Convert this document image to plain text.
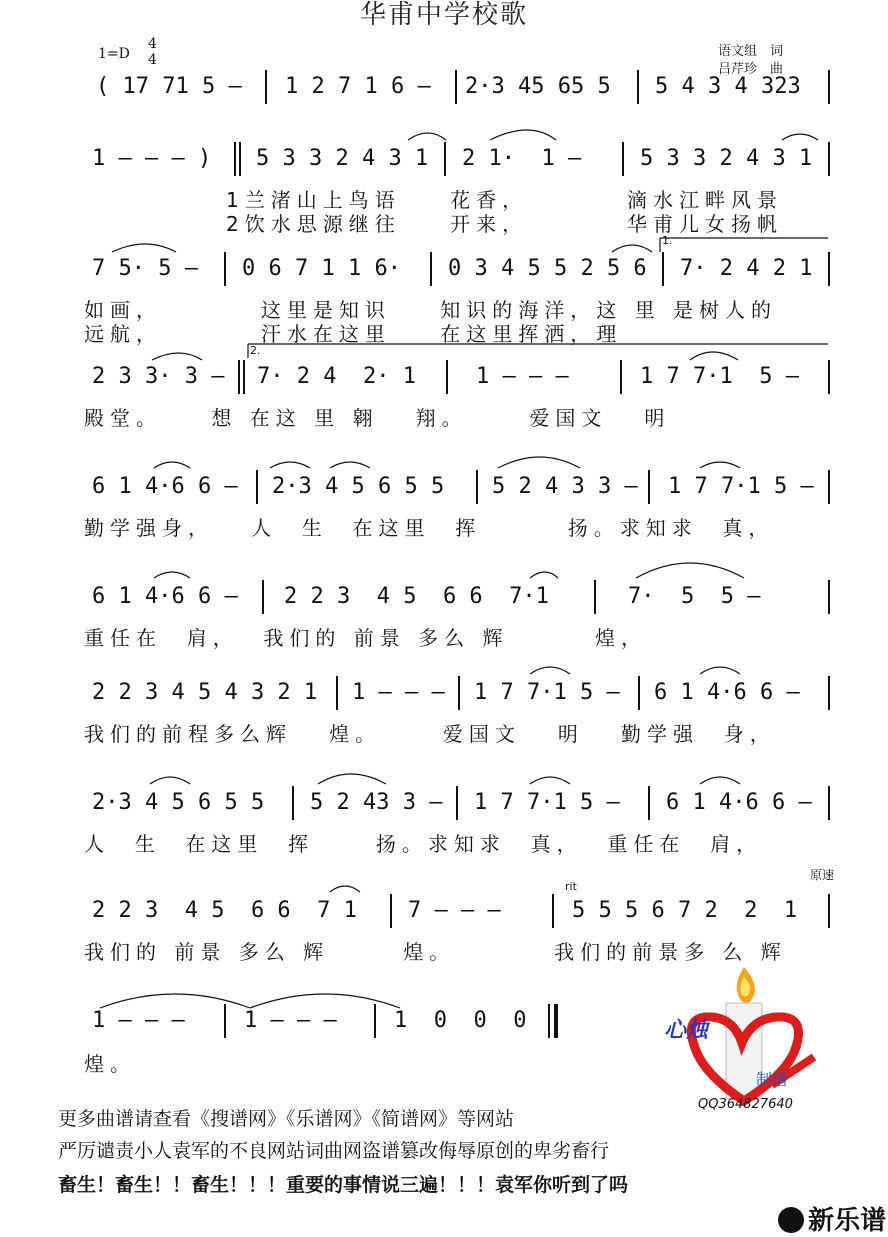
华甫中学校歌
1=D
4
4
语文组　词
吕芹珍　曲
( 17 71 5 – 1 2 7 1 6 – 2·3 45 65 5 5 4 3 4 323
1 – – – ) 5 3 3 2 4 3 1 2 1·  1 –	5 3 3 2 4 3 1
1兰渚山上鸟语    花香，        滴水江畔风景
2饮水思源继往    开来，        华甫儿女扬帆
7 5· 5 – 0 6 7 1 1 6· 0 3 4 5 5 2 5 6 7· 2 4 2 1
如画，        这里是知识    知识的海洋，这 里 是树人的
远航，        汗水在这里    在这里挥洒，理
1.
2 3 3· 3 – 7· 2 4  2· 1	1 – – –	1 7 7·1  5 –
殿堂。    想 在这 里 翱   翔。     爱国文   明
2.
6 1 4·6 6 – 2·3 4 5 6 5 5 5 2 4 3 3 – 1 7 7·1 5 –
勤学强身，   人  生  在这里  挥       扬。求知求  真，
6 1 4·6 6 – 2 2 3  4 5  6 6  7·1	7·  5  5 –
重任在  肩，  我们的 前景 多么 辉       煌，
2 2 3 4 5 4 3 2 1 1 – – – 1 7 7·1 5 – 6 1 4·6 6 –
我们的前程多么辉   煌。     爱国文   明   勤学强  身，
2·3 4 5 6 5 5 5 2 43 3 – 1 7 7·1 5 – 6 1 4·6 6 –
人  生  在这里  挥     扬。求知求  真，  重任在  肩，
2 2 3  4 5  6 6  7 1 7 – – –	5 5 5 6 7 2  2  1
我们的 前景 多么 辉      煌。        我们的前景多 么 辉
rit
原速
1 – – –	1 – – –	1  0  0  0
煌。
心烛
制谱
QQ364827640
更多曲谱请查看《搜谱网》《乐谱网》《简谱网》等网站
严厉谴责小人袁军的不良网站词曲网盗谱篡改侮辱原创的卑劣畜行
畜生！畜生！！畜生！！！重要的事情说三遍！！！袁军你听到了吗

新乐谱
